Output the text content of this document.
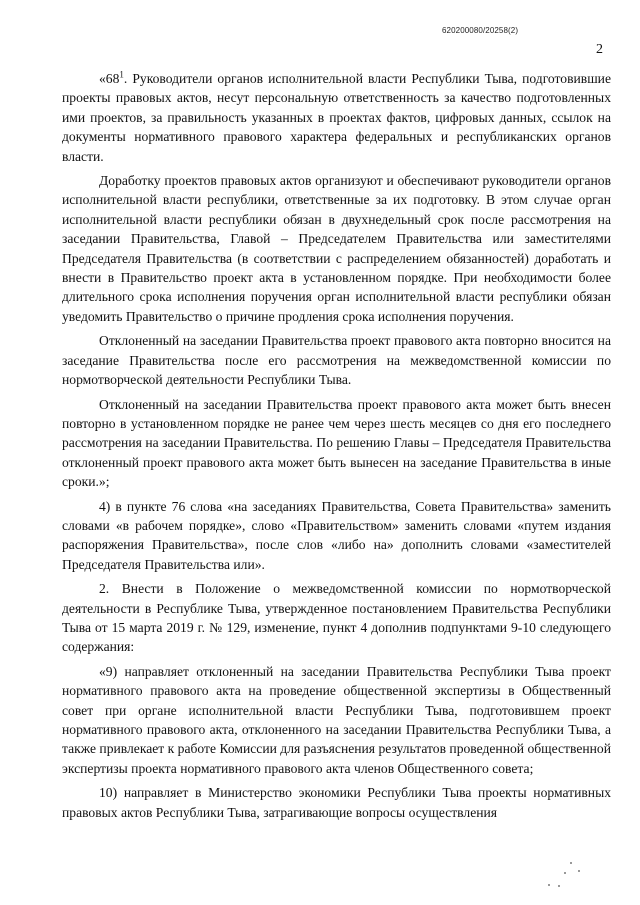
620200080/20258(2)
2

«$68^1$. Руководители органов исполнительной власти Республики Тыва, подготовившие проекты правовых актов, несут персональную ответственность за качество подготовленных ими проектов, за правильность указанных в проектах фактов, цифровых данных, ссылок на документы нормативного правового характера федеральных и республиканских органов власти.

Доработку проектов правовых актов организуют и обеспечивают руководители органов исполнительной власти республики, ответственные за их подготовку. В этом случае орган исполнительной власти республики обязан в двухнедельный срок после рассмотрения на заседании Правительства, Главой – Председателем Правительства или заместителями Председателя Правительства (в соответствии с распределением обязанностей) доработать и внести в Правительство проект акта в установленном порядке. При необходимости более длительного срока исполнения поручения орган исполнительной власти республики обязан уведомить Правительство о причине продления срока исполнения поручения.

Отклоненный на заседании Правительства проект правового акта повторно вносится на заседание Правительства после его рассмотрения на межведомственной комиссии по нормотворческой деятельности Республики Тыва.

Отклоненный на заседании Правительства проект правового акта может быть внесен повторно в установленном порядке не ранее чем через шесть месяцев со дня его последнего рассмотрения на заседании Правительства. По решению Главы – Председателя Правительства отклоненный проект правового акта может быть вынесен на заседание Правительства в иные сроки.»;

4) в пункте 76 слова «на заседаниях Правительства, Совета Правительства» заменить словами «в рабочем порядке», слово «Правительством» заменить словами «путем издания распоряжения Правительства», после слов «либо на» дополнить словами «заместителей Председателя Правительства или».

2. Внести в Положение о межведомственной комиссии по нормотворческой деятельности в Республике Тыва, утвержденное постановлением Правительства Республики Тыва от 15 марта 2019 г. № 129, изменение, пункт 4 дополнив подпунктами 9-10 следующего содержания:

«9) направляет отклоненный на заседании Правительства Республики Тыва проект нормативного правового акта на проведение общественной экспертизы в Общественный совет при органе исполнительной власти Республики Тыва, подготовившем проект нормативного правового акта, отклоненного на заседании Правительства Республики Тыва, а также привлекает к работе Комиссии для разъяснения результатов проведенной общественной экспертизы проекта нормативного правового акта членов Общественного совета;

10) направляет в Министерство экономики Республики Тыва проекты нормативных правовых актов Республики Тыва, затрагивающие вопросы осуществления
